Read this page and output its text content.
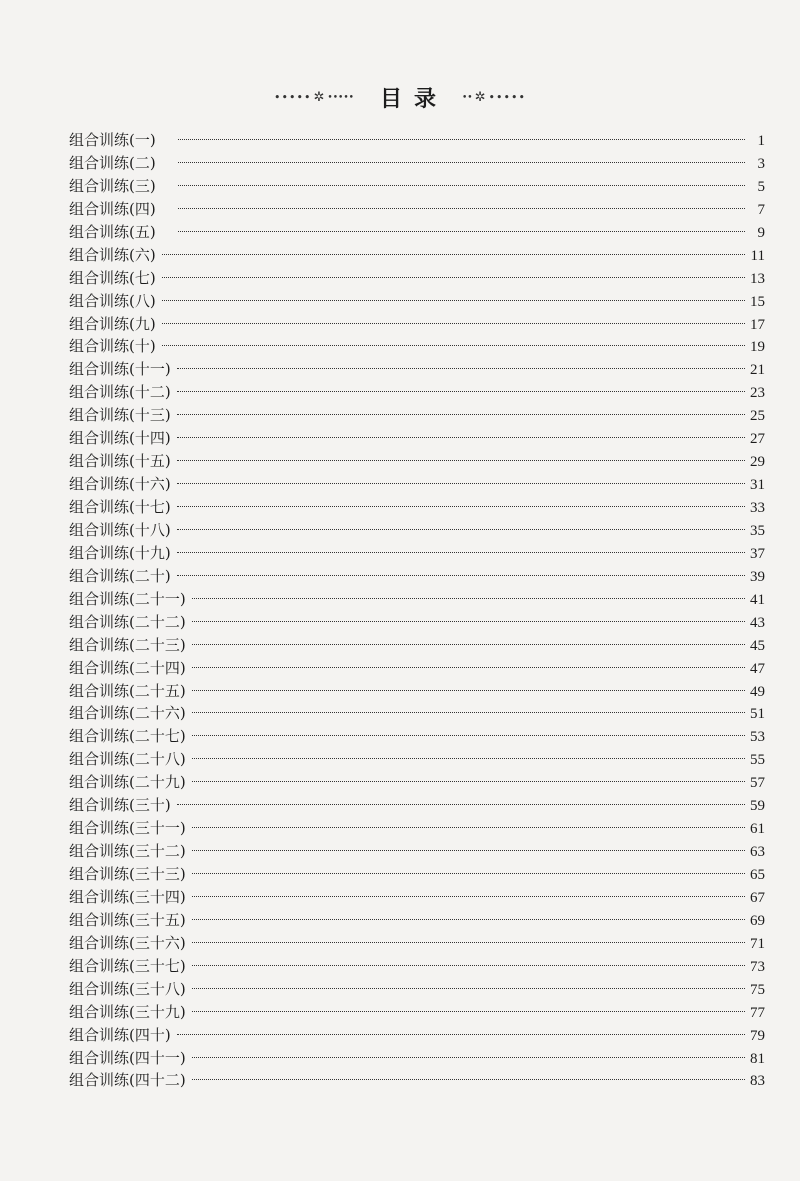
••••• ✲ ••••• 目录 •• ✲ •••••
组合训练(一)	1
组合训练(二)	3
组合训练(三)	5
组合训练(四)	7
组合训练(五)	9
组合训练(六)	11
组合训练(七)	13
组合训练(八)	15
组合训练(九)	17
组合训练(十)	19
组合训练(十一)	21
组合训练(十二)	23
组合训练(十三)	25
组合训练(十四)	27
组合训练(十五)	29
组合训练(十六)	31
组合训练(十七)	33
组合训练(十八)	35
组合训练(十九)	37
组合训练(二十)	39
组合训练(二十一)	41
组合训练(二十二)	43
组合训练(二十三)	45
组合训练(二十四)	47
组合训练(二十五)	49
组合训练(二十六)	51
组合训练(二十七)	53
组合训练(二十八)	55
组合训练(二十九)	57
组合训练(三十)	59
组合训练(三十一)	61
组合训练(三十二)	63
组合训练(三十三)	65
组合训练(三十四)	67
组合训练(三十五)	69
组合训练(三十六)	71
组合训练(三十七)	73
组合训练(三十八)	75
组合训练(三十九)	77
组合训练(四十)	79
组合训练(四十一)	81
组合训练(四十二)	83
